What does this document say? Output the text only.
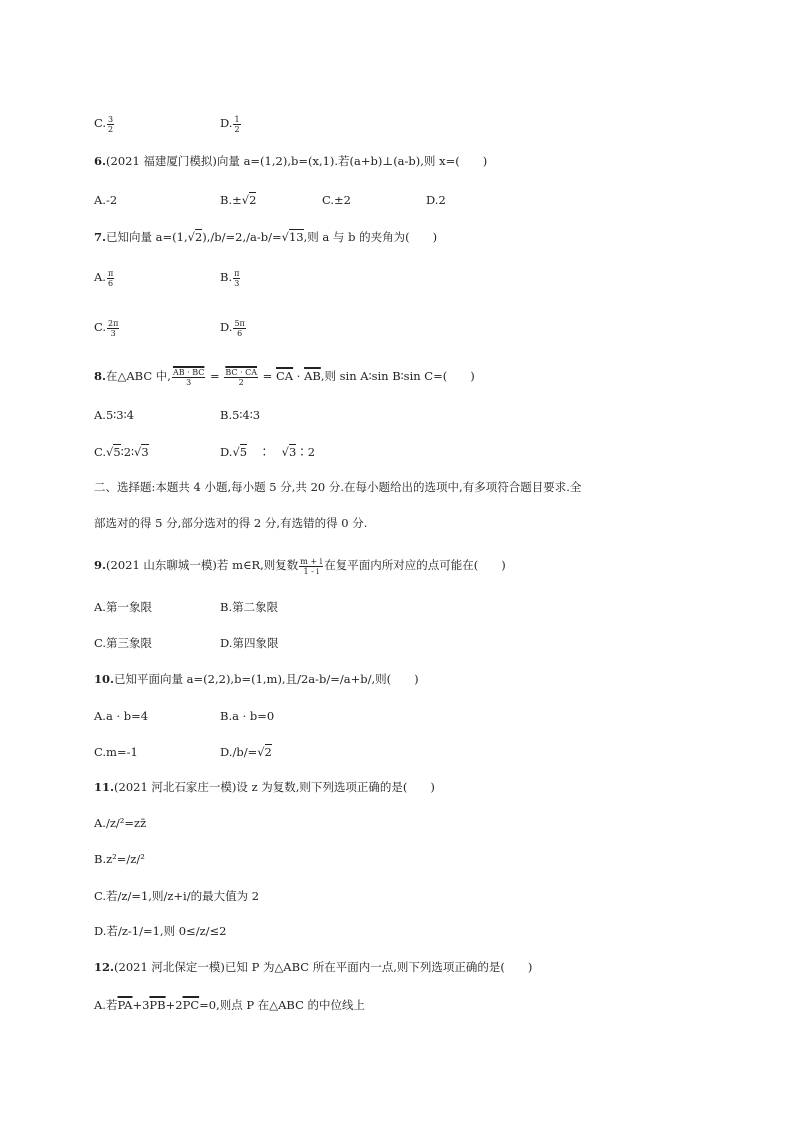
C. $\frac{3}{2}$	D. $\frac{1}{2}$
6.(2021 福建厦门模拟)向量 a=(1,2),b=(x,1).若(a+b)⊥(a-b),则 x=(　　)
A.-2	B.±√2	C.±2	D.2
7.已知向量 a=(1,√2),/b/=2,/a-b/=√13,则 a 与 b 的夹角为(　　)
A. $\frac{\pi}{6}$	B. $\frac{\pi}{3}$
C. $\frac{2\pi}{3}$	D. $\frac{5\pi}{6}$
8.在△ABC 中, $\frac{AB \cdot BC}{3} = \frac{BC \cdot CA}{2} = \overline{CA} \cdot \overline{AB}$,则 sin A∶sin B∶sin C=(　　)
A.5∶3∶4	B.5∶4∶3
C.√5∶2∶√3	D.√5　∶　√3∶2
二、选择题:本题共 4 小题,每小题 5 分,共 20 分.在每小题给出的选项中,有多项符合题目要求.全
部选对的得 5 分,部分选对的得 2 分,有选错的得 0 分.
9.(2021 山东聊城一模)若 m∈R,则复数 $\frac{m + i}{1 - i}$ 在复平面内所对应的点可能在(　　)
A.第一象限	B.第二象限
C.第三象限	D.第四象限
10.已知平面向量 a=(2,2),b=(1,m),且/2a-b/=/a+b/,则(　　)
A.a · b=4	B.a · b=0
C.m=-1	D./b/=√2
11.(2021 河北石家庄一模)设 z 为复数,则下列选项正确的是(　　)
A./z/²=zz̄
B.z²=/z/²
C.若/z/=1,则/z+i/的最大值为 2
D.若/z-1/=1,则 0≤/z/≤2
12.(2021 河北保定一模)已知 P 为△ABC 所在平面内一点,则下列选项正确的是(　　)
A.若$\overline{PA}+3\overline{PB}+2\overline{PC}=0$,则点 P 在△ABC 的中位线上
